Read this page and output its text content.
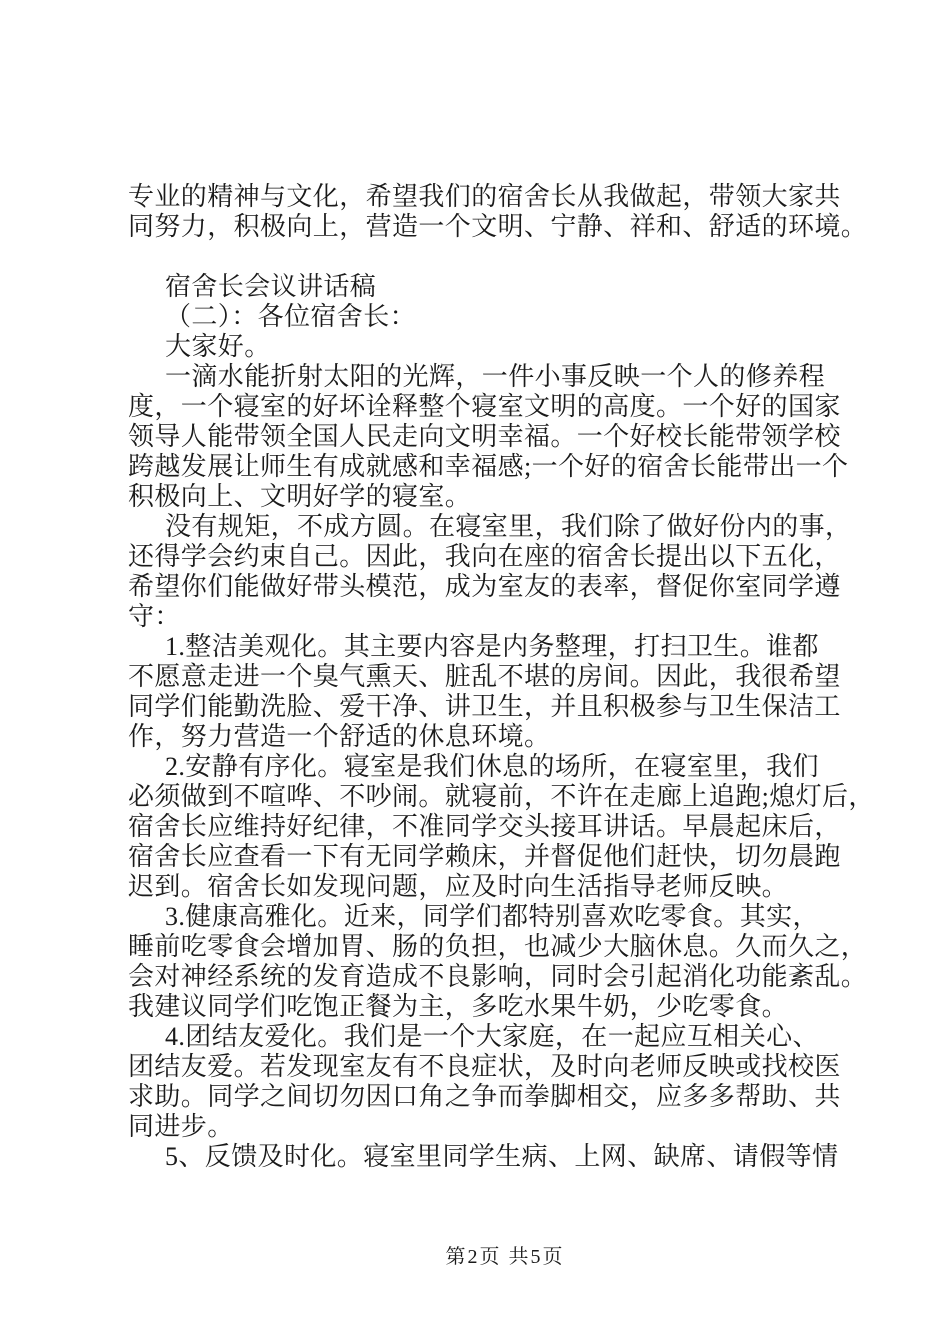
专业的精神与文化，希望我们的宿舍长从我做起，带领大家共
同努力，积极向上，营造一个文明、宁静、祥和、舒适的环境。
宿舍长会议讲话稿
（二）：各位宿舍长：
大家好。
一滴水能折射太阳的光辉，一件小事反映一个人的修养程
度，一个寝室的好坏诠释整个寝室文明的高度。一个好的国家
领导人能带领全国人民走向文明幸福。一个好校长能带领学校
跨越发展让师生有成就感和幸福感;一个好的宿舍长能带出一个
积极向上、文明好学的寝室。
没有规矩，不成方圆。在寝室里，我们除了做好份内的事，
还得学会约束自己。因此，我向在座的宿舍长提出以下五化，
希望你们能做好带头模范，成为室友的表率，督促你室同学遵
守：
1.整洁美观化。其主要内容是内务整理，打扫卫生。谁都
不愿意走进一个臭气熏天、脏乱不堪的房间。因此，我很希望
同学们能勤洗脸、爱干净、讲卫生，并且积极参与卫生保洁工
作，努力营造一个舒适的休息环境。
2.安静有序化。寝室是我们休息的场所，在寝室里，我们
必须做到不喧哗、不吵闹。就寝前，不许在走廊上追跑;熄灯后，
宿舍长应维持好纪律，不准同学交头接耳讲话。早晨起床后，
宿舍长应查看一下有无同学赖床，并督促他们赶快，切勿晨跑
迟到。宿舍长如发现问题，应及时向生活指导老师反映。
3.健康高雅化。近来，同学们都特别喜欢吃零食。其实，
睡前吃零食会增加胃、肠的负担，也减少大脑休息。久而久之，
会对神经系统的发育造成不良影响，同时会引起消化功能紊乱。
我建议同学们吃饱正餐为主，多吃水果牛奶，少吃零食。
4.团结友爱化。我们是一个大家庭，在一起应互相关心、
团结友爱。若发现室友有不良症状，及时向老师反映或找校医
求助。同学之间切勿因口角之争而拳脚相交，应多多帮助、共
同进步。
5、反馈及时化。寝室里同学生病、上网、缺席、请假等情
第2页 共5页
